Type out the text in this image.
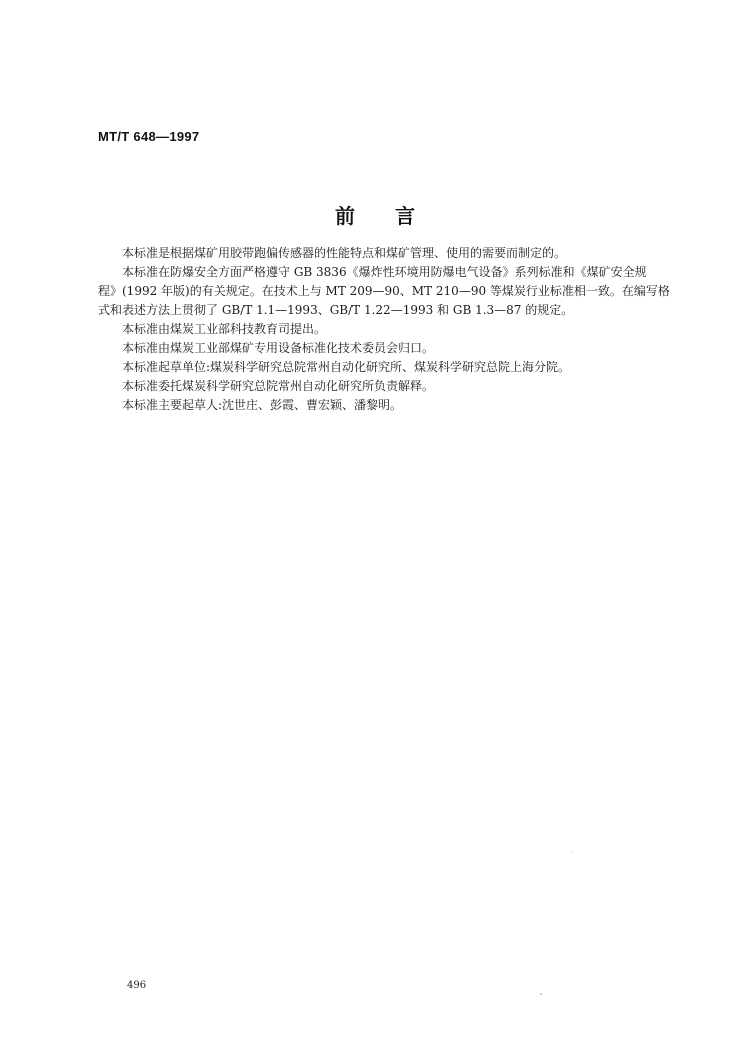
MT/T 648—1997
前　　言

本标准是根据煤矿用胶带跑偏传感器的性能特点和煤矿管理、使用的需要而制定的。

本标准在防爆安全方面严格遵守 GB 3836《爆炸性环境用防爆电气设备》系列标准和《煤矿安全规
程》(1992 年版)的有关规定。在技术上与 MT 209—90、MT 210—90 等煤炭行业标准相一致。在编写格
式和表述方法上贯彻了 GB/T 1.1—1993、GB/T 1.22—1993 和 GB 1.3—87 的规定。

本标准由煤炭工业部科技教育司提出。

本标准由煤炭工业部煤矿专用设备标准化技术委员会归口。

本标准起草单位:煤炭科学研究总院常州自动化研究所、煤炭科学研究总院上海分院。

本标准委托煤炭科学研究总院常州自动化研究所负责解释。

本标准主要起草人:沈世庄、彭霞、曹宏颖、潘黎明。

496
